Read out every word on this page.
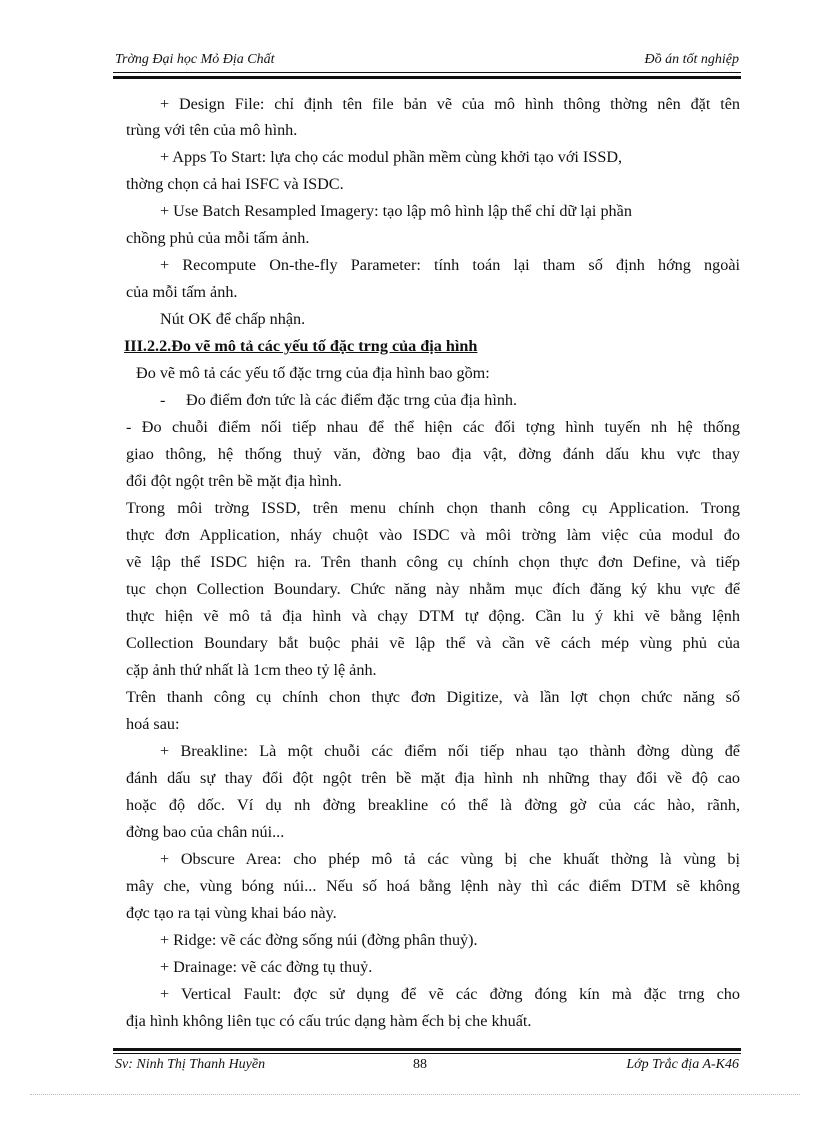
Trờng Đại học Mỏ Địa Chất	Đồ án tốt nghiệp
+ Design File: chỉ định tên file bản vẽ của mô hình thông thờng nên đặt tên
trùng với tên của mô hình.
+ Apps To Start: lựa chọ các modul phần mềm cùng khởi tạo với ISSD,
thờng chọn cả hai ISFC và ISDC.
+ Use Batch Resampled Imagery: tạo lập mô hình lập thể chỉ dữ lại phần
chồng phủ của mỗi tấm ảnh.
+ Recompute On-the-fly Parameter: tính toán lại tham số định hớng ngoài
của mỗi tấm ảnh.
Nút OK để chấp nhận.
III.2.2.Đo vẽ mô tả các yếu tố đặc trng của địa hình
Đo vẽ mô tả các yếu tố đặc trng của địa hình bao gồm:
- Đo điểm đơn tức là các điểm đặc trng của địa hình.
- Đo chuỗi điểm nối tiếp nhau để thể hiện các đối tợng hình tuyến nh hệ thống
giao thông, hệ thống thuỷ văn, đờng bao địa vật, đờng đánh dấu khu vực thay
đổi đột ngột trên bề mặt địa hình.
Trong môi trờng ISSD, trên menu chính chọn thanh công cụ Application. Trong
thực đơn Application, nháy chuột vào ISDC và môi trờng làm việc của modul đo
vẽ lập thể ISDC hiện ra. Trên thanh công cụ chính chọn thực đơn Define, và tiếp
tục chọn Collection Boundary. Chức năng này nhằm mục đích đăng ký khu vực để
thực hiện vẽ mô tả địa hình và chạy DTM tự động. Cần lu ý khi vẽ bằng lệnh
Collection Boundary bắt buộc phải vẽ lập thể và cần vẽ cách mép vùng phủ của
cặp ảnh thứ nhất là 1cm theo tỷ lệ ảnh.
Trên thanh công cụ chính chon thực đơn Digitize, và lần lợt chọn chức năng số
hoá sau:
+ Breakline: Là một chuỗi các điểm nối tiếp nhau tạo thành đờng dùng để
đánh dấu sự thay đổi đột ngột trên bề mặt địa hình nh những thay đổi về độ cao
hoặc độ dốc. Ví dụ nh đờng breakline có thể là đờng gờ của các hào, rãnh,
đờng bao của chân núi...
+ Obscure Area: cho phép mô tả các vùng bị che khuất thờng là vùng bị
mây che, vùng bóng núi... Nếu số hoá bằng lệnh này thì các điểm DTM sẽ không
đợc tạo ra tại vùng khai báo này.
+ Ridge: vẽ các đờng sống núi (đờng phân thuỷ).
+ Drainage: vẽ các đờng tụ thuỷ.
+ Vertical Fault: đợc sử dụng để vẽ các đờng đóng kín mà đặc trng cho
địa hình không liên tục có cấu trúc dạng hàm ếch bị che khuất.
Sv: Ninh Thị Thanh Huyền	88	Lớp Trắc địa A-K46
